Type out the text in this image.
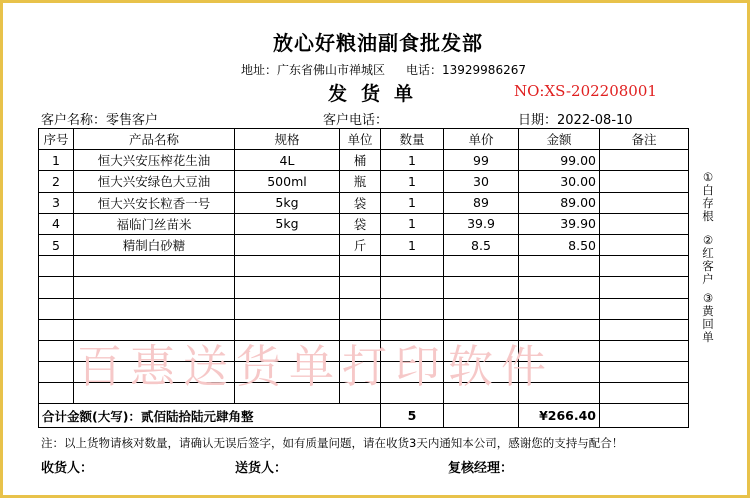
放心好粮油副食批发部
地址：广东省佛山市禅城区 电话：13929986267
发货单	NO:XS-202208001
客户名称：零售客户	客户电话：	日期：2022-08-10
序号	产品名称	规格	单位	数量	单价	金额	备注
1	恒大兴安压榨花生油	4L	桶	1	99	99.00	
2	恒大兴安绿色大豆油	500ml	瓶	1	30	30.00	
3	恒大兴安长粒香一号	5kg	袋	1	89	89.00	
4	福临门丝苗米	5kg	袋	1	39.9	39.90	
5	精制白砂糖		斤	1	8.5	8.50	

合计金额(大写)：贰佰陆拾陆元肆角整				5		¥266.40	
百惠送货单打印软件
①
白存根
②
红客户
③
黄回单
注：以上货物请核对数量，请确认无误后签字，如有质量问题，请在收货3天内通知本公司，感谢您的支持与配合！
收货人：	送货人：	复核经理：
